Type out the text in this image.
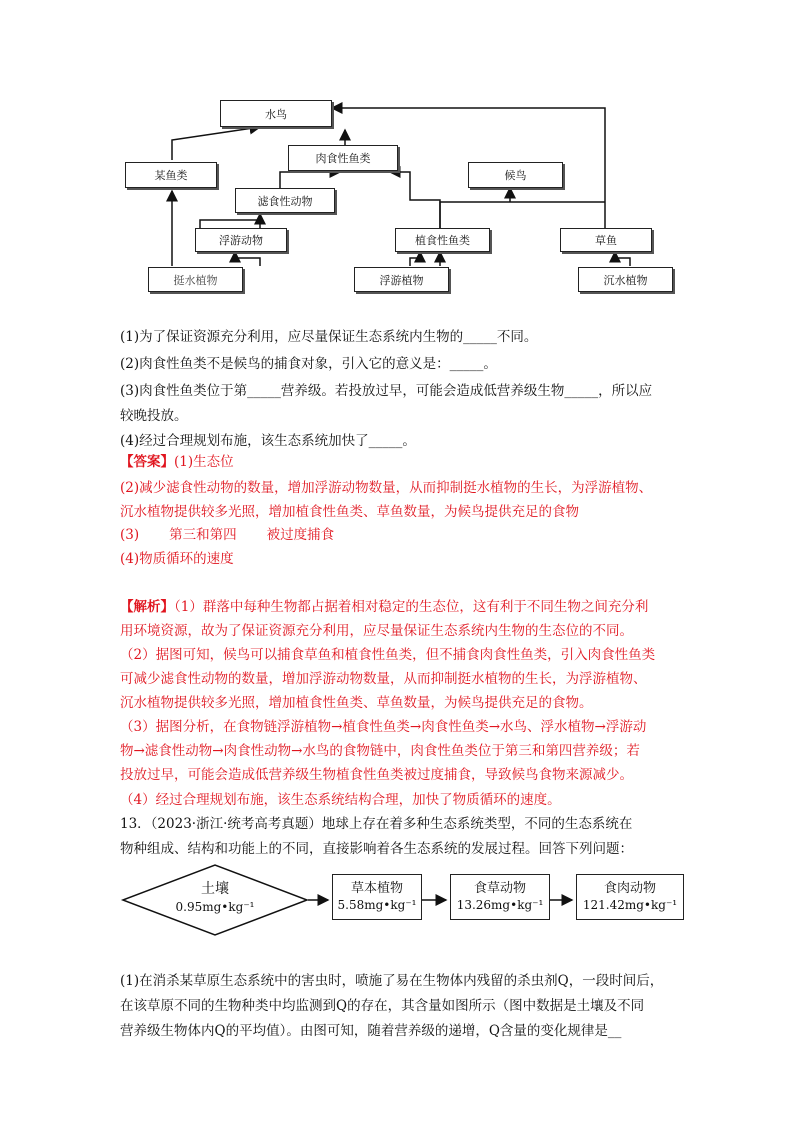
水鸟
某鱼类
肉食性鱼类
候鸟
滤食性动物
浮游动物	植食性鱼类	草鱼
挺水植物	浮游植物	沉水植物
(1)为了保证资源充分利用，应尽量保证生态系统内生物的_____不同。
(2)肉食性鱼类不是候鸟的捕食对象，引入它的意义是：_____。
(3)肉食性鱼类位于第_____营养级。若投放过早，可能会造成低营养级生物_____，所以应
较晚投放。
(4)经过合理规划布施，该生态系统加快了_____。
【答案】(1)生态位
(2)减少滤食性动物的数量，增加浮游动物数量，从而抑制挺水植物的生长，为浮游植物、
沉水植物提供较多光照，增加植食性鱼类、草鱼数量，为候鸟提供充足的食物
(3) 第三和第四 被过度捕食
(4)物质循环的速度
【解析】（1）群落中每种生物都占据着相对稳定的生态位，这有利于不同生物之间充分利
用环境资源，故为了保证资源充分利用，应尽量保证生态系统内生物的生态位的不同。
（2）据图可知，候鸟可以捕食草鱼和植食性鱼类，但不捕食肉食性鱼类，引入肉食性鱼类
可减少滤食性动物的数量，增加浮游动物数量，从而抑制挺水植物的生长，为浮游植物、
沉水植物提供较多光照，增加植食性鱼类、草鱼数量，为候鸟提供充足的食物。
（3）据图分析，在食物链浮游植物→植食性鱼类→肉食性鱼类→水鸟、浮水植物→浮游动
物→滤食性动物→肉食性动物→水鸟的食物链中，肉食性鱼类位于第三和第四营养级；若
投放过早，可能会造成低营养级生物植食性鱼类被过度捕食，导致候鸟食物来源减少。
（4）经过合理规划布施，该生态系统结构合理，加快了物质循环的速度。
13．（2023·浙江·统考高考真题）地球上存在着多种生态系统类型，不同的生态系统在
物种组成、结构和功能上的不同，直接影响着各生态系统的发展过程。回答下列问题：
土壤
0.95mg•kg⁻¹
草本植物
5.58mg•kg⁻¹
食草动物
13.26mg•kg⁻¹
食肉动物
121.42mg•kg⁻¹
(1)在消杀某草原生态系统中的害虫时，喷施了易在生物体内残留的杀虫剂Q，一段时间后，
在该草原不同的生物种类中均监测到Q的存在，其含量如图所示（图中数据是土壤及不同
营养级生物体内Q的平均值）。由图可知，随着营养级的递增，Q含量的变化规律是__
